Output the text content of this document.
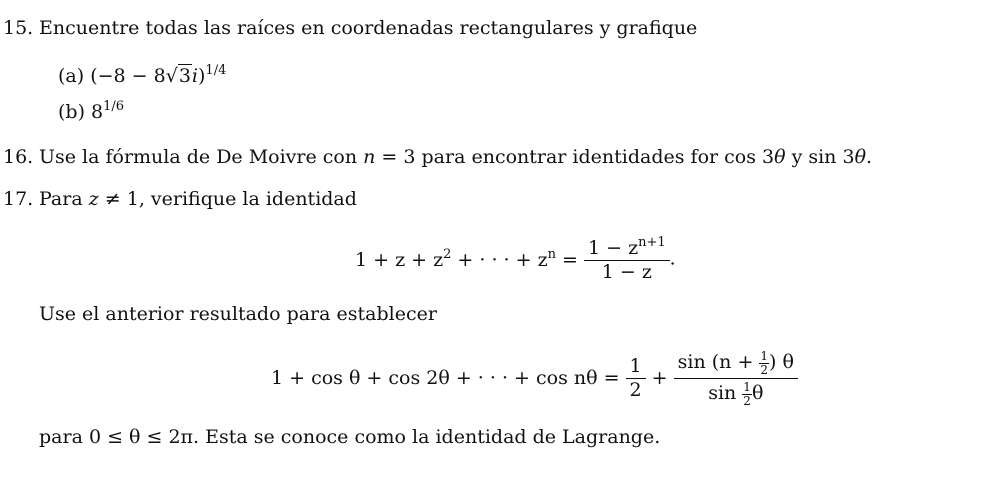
15. Encuentre todas las raíces en coordenadas rectangulares y grafique
(a) $(-8 - 8√3i)^{1/4}$
(b) $8^{1/6}$
16. Use la fórmula de De Moivre con n = 3 para encontrar identidades for cos 3θ y sin 3θ.
17. Para z ≠ 1, verifique la identidad
$1 + z + z^2$ + · · · + $z^n = \frac{1 - z^{n+1}}{1 - z}$ .
Use el anterior resultado para establecer
1 + cos θ + cos 2θ + · · · + $\cos n\theta = \frac{1}{2} + \frac{\sin (n + \frac{1}{2} ) \theta}{\sin \frac{1}{2} \theta}$
para 0 ≤ θ ≤ 2π. Esta se conoce como la identidad de Lagrange.
